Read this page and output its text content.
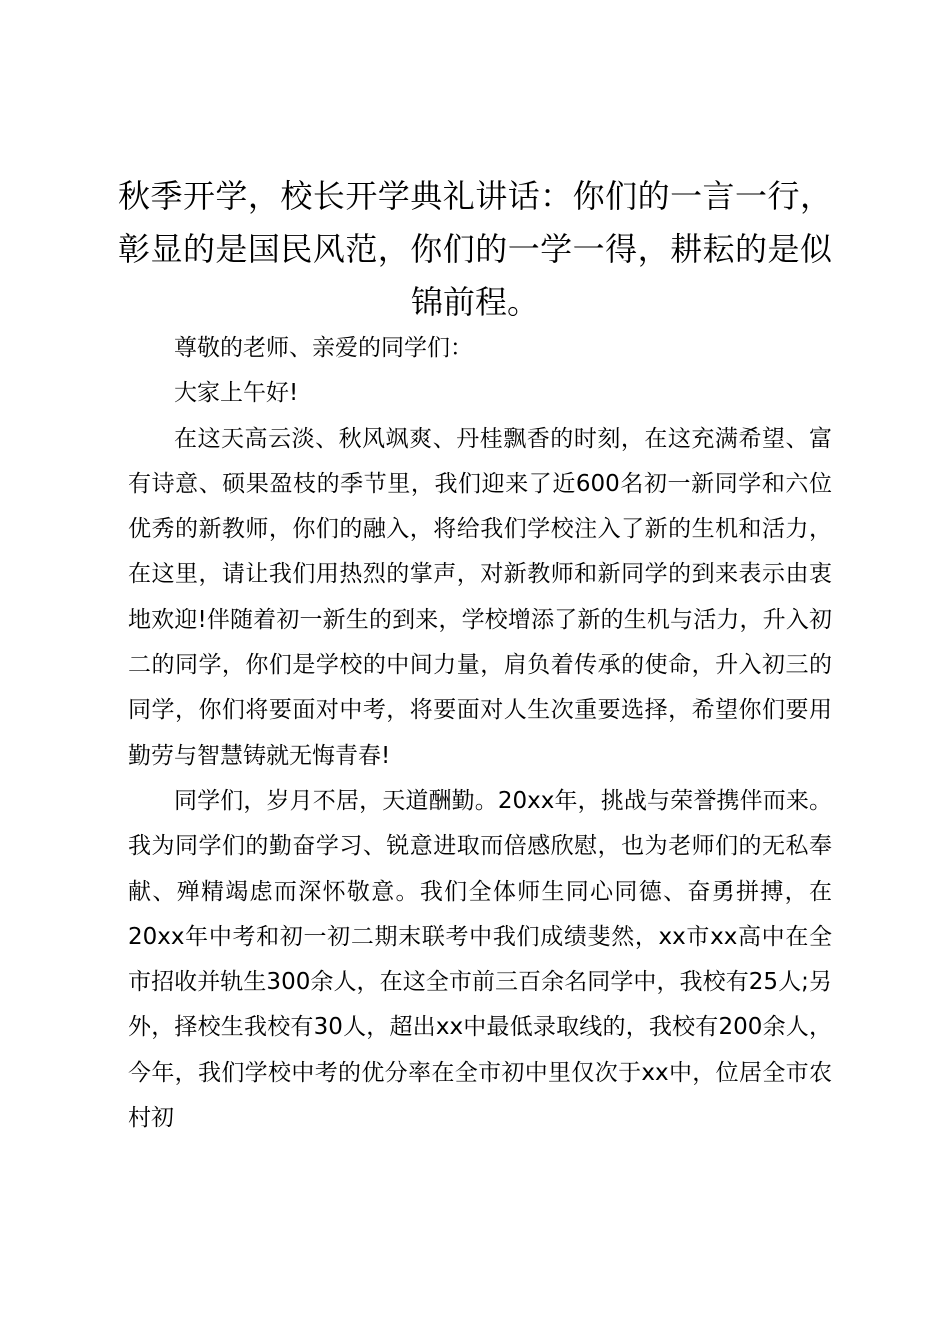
秋季开学，校长开学典礼讲话：你们的一言一行，彰显的是国民风范，你们的一学一得，耕耘的是似锦前程。

尊敬的老师、亲爱的同学们：

大家上午好!

在这天高云淡、秋风飒爽、丹桂飘香的时刻，在这充满希望、富有诗意、硕果盈枝的季节里，我们迎来了近600名初一新同学和六位优秀的新教师，你们的融入，将给我们学校注入了新的生机和活力，在这里，请让我们用热烈的掌声，对新教师和新同学的到来表示由衷地欢迎!伴随着初一新生的到来，学校增添了新的生机与活力，升入初二的同学，你们是学校的中间力量，肩负着传承的使命，升入初三的同学，你们将要面对中考，将要面对人生次重要选择，希望你们要用勤劳与智慧铸就无悔青春!

同学们，岁月不居，天道酬勤。20xx年，挑战与荣誉携伴而来。我为同学们的勤奋学习、锐意进取而倍感欣慰，也为老师们的无私奉献、殚精竭虑而深怀敬意。我们全体师生同心同德、奋勇拼搏，在20xx年中考和初一初二期末联考中我们成绩斐然，xx市xx高中在全市招收并轨生300余人，在这全市前三百余名同学中，我校有25人;另外，择校生我校有30人，超出xx中最低录取线的，我校有200余人，今年，我们学校中考的优分率在全市初中里仅次于xx中，位居全市农村初
